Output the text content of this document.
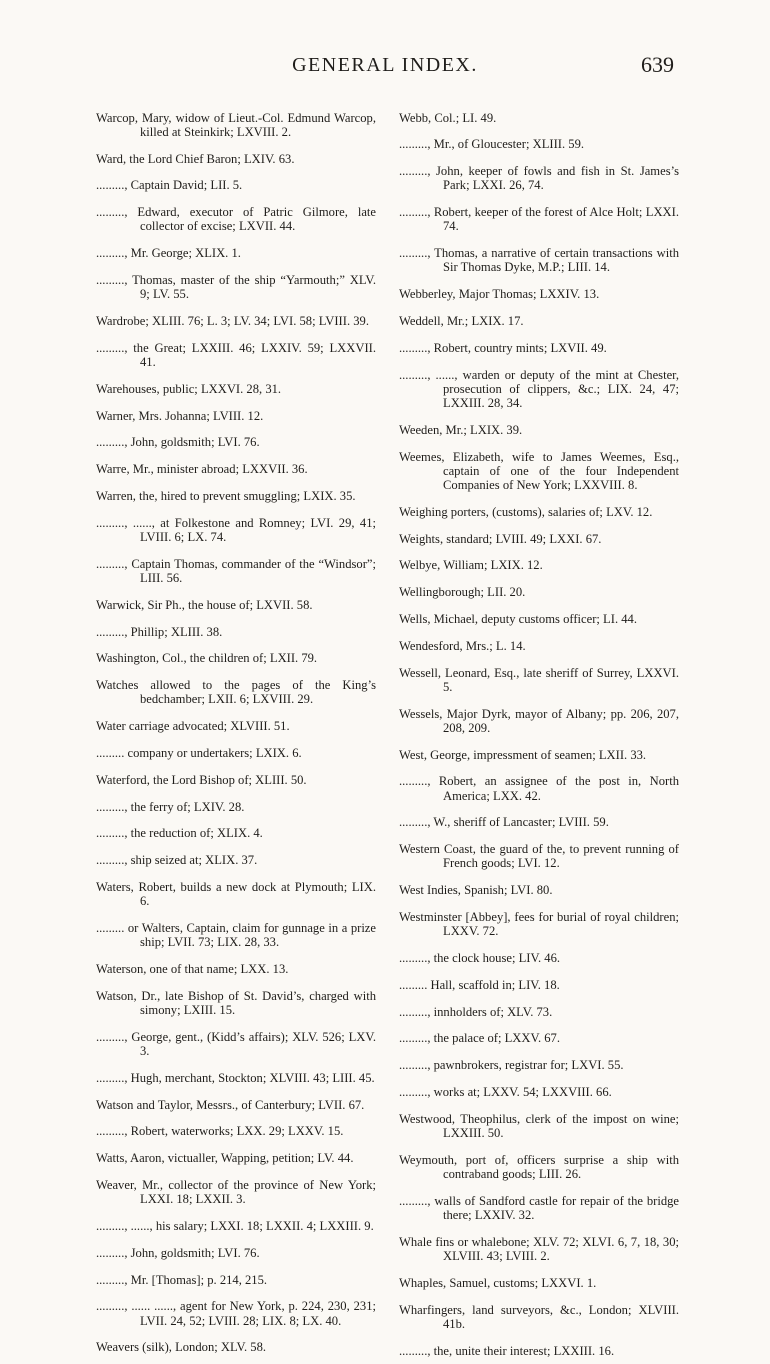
GENERAL INDEX.	639

Warcop, Mary, widow of Lieut.-Col. Edmund Warcop, killed at Steinkirk; LXVIII. 2.

Ward, the Lord Chief Baron; LXIV. 63.

........., Captain David; LII. 5.

........., Edward, executor of Patric Gilmore, late collector of excise; LXVII. 44.

........., Mr. George; XLIX. 1.

........., Thomas, master of the ship “Yarmouth;” XLV. 9; LV. 55.

Wardrobe; XLIII. 76; L. 3; LV. 34; LVI. 58; LVIII. 39.

........., the Great; LXXIII. 46; LXXIV. 59; LXXVII. 41.

Warehouses, public; LXXVI. 28, 31.

Warner, Mrs. Johanna; LVIII. 12.

........., John, goldsmith; LVI. 76.

Warre, Mr., minister abroad; LXXVII. 36.

Warren, the, hired to prevent smuggling; LXIX. 35.

........., ......, at Folkestone and Romney; LVI. 29, 41; LVIII. 6; LX. 74.

........., Captain Thomas, commander of the “Windsor”; LIII. 56.

Warwick, Sir Ph., the house of; LXVII. 58.

........., Phillip; XLIII. 38.

Washington, Col., the children of; LXII. 79.

Watches allowed to the pages of the King’s bedchamber; LXII. 6; LXVIII. 29.

Water carriage advocated; XLVIII. 51.

......... company or undertakers; LXIX. 6.

Waterford, the Lord Bishop of; XLIII. 50.

........., the ferry of; LXIV. 28.

........., the reduction of; XLIX. 4.

........., ship seized at; XLIX. 37.

Waters, Robert, builds a new dock at Plymouth; LIX. 6.

......... or Walters, Captain, claim for gunnage in a prize ship; LVII. 73; LIX. 28, 33.

Waterson, one of that name; LXX. 13.

Watson, Dr., late Bishop of St. David’s, charged with simony; LXIII. 15.

........., George, gent., (Kidd’s affairs); XLV. 526; LXV. 3.

........., Hugh, merchant, Stockton; XLVIII. 43; LIII. 45.

Watson and Taylor, Messrs., of Canterbury; LVII. 67.

........., Robert, waterworks; LXX. 29; LXXV. 15.

Watts, Aaron, victualler, Wapping, petition; LV. 44.

Weaver, Mr., collector of the province of New York; LXXI. 18; LXXII. 3.

........., ......, his salary; LXXI. 18; LXXII. 4; LXXIII. 9.

........., John, goldsmith; LVI. 76.

........., Mr. [Thomas]; p. 214, 215.

........., ...... ......, agent for New York, p. 224, 230, 231; LVII. 24, 52; LVIII. 28; LIX. 8; LX. 40.

Weavers (silk), London; XLV. 58.

Webb, Col.; LI. 49.

........., Mr., of Gloucester; XLIII. 59.

........., John, keeper of fowls and fish in St. James’s Park; LXXI. 26, 74.

........., Robert, keeper of the forest of Alce Holt; LXXI. 74.

........., Thomas, a narrative of certain transactions with Sir Thomas Dyke, M.P.; LIII. 14.

Webberley, Major Thomas; LXXIV. 13.

Weddell, Mr.; LXIX. 17.

........., Robert, country mints; LXVII. 49.

........., ......, warden or deputy of the mint at Chester, prosecution of clippers, &c.; LIX. 24, 47; LXXIII. 28, 34.

Weeden, Mr.; LXIX. 39.

Weemes, Elizabeth, wife to James Weemes, Esq., captain of one of the four Independent Companies of New York; LXXVIII. 8.

Weighing porters, (customs), salaries of; LXV. 12.

Weights, standard; LVIII. 49; LXXI. 67.

Welbye, William; LXIX. 12.

Wellingborough; LII. 20.

Wells, Michael, deputy customs officer; LI. 44.

Wendesford, Mrs.; L. 14.

Wessell, Leonard, Esq., late sheriff of Surrey, LXXVI. 5.

Wessels, Major Dyrk, mayor of Albany; pp. 206, 207, 208, 209.

West, George, impressment of seamen; LXII. 33.

........., Robert, an assignee of the post in, North America; LXX. 42.

........., W., sheriff of Lancaster; LVIII. 59.

Western Coast, the guard of the, to prevent running of French goods; LVI. 12.

West Indies, Spanish; LVI. 80.

Westminster [Abbey], fees for burial of royal children; LXXV. 72.

........., the clock house; LIV. 46.

......... Hall, scaffold in; LIV. 18.

........., innholders of; XLV. 73.

........., the palace of; LXXV. 67.

........., pawnbrokers, registrar for; LXVI. 55.

........., works at; LXXV. 54; LXXVIII. 66.

Westwood, Theophilus, clerk of the impost on wine; LXXIII. 50.

Weymouth, port of, officers surprise a ship with contraband goods; LIII. 26.

........., walls of Sandford castle for repair of the bridge there; LXXIV. 32.

Whale fins or whalebone; XLV. 72; XLVI. 6, 7, 18, 30; XLVIII. 43; LVIII. 2.

Whaples, Samuel, customs; LXXVI. 1.

Wharfingers, land surveyors, &c., London; XLVIII. 41b.

........., the, unite their interest; LXXIII. 16.
